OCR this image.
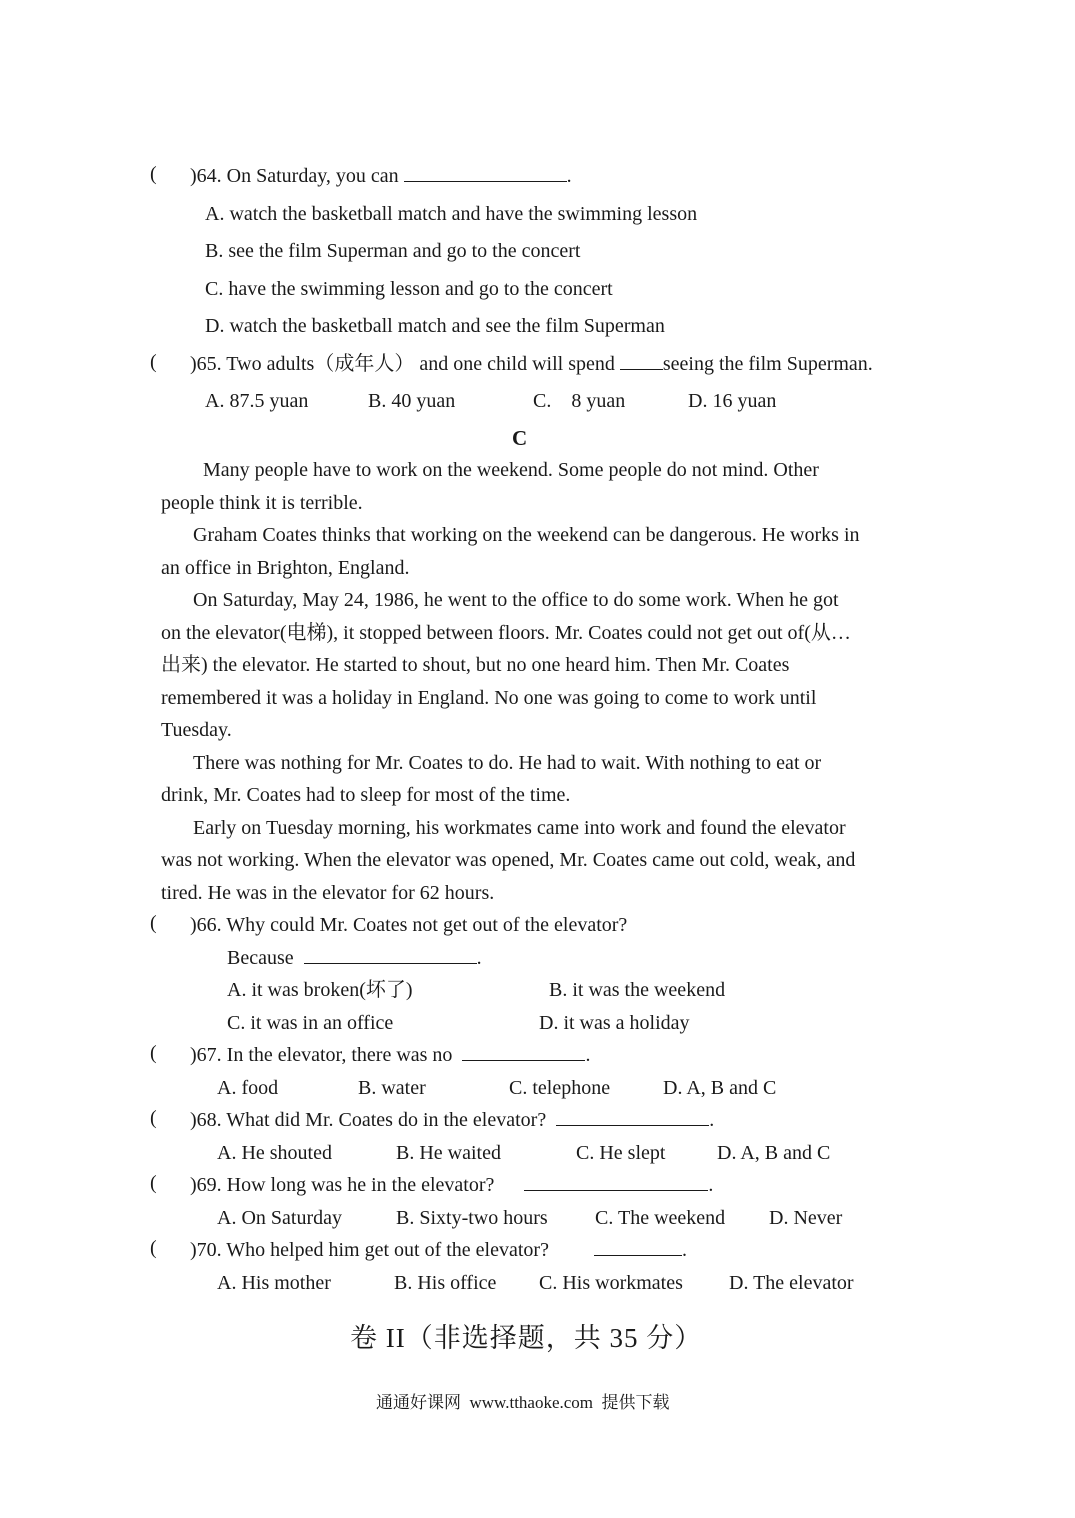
( )64. On Saturday, you can	.
A. watch the basketball match and have the swimming lesson
B. see the film Superman and go to the concert
C. have the swimming lesson and go to the concert
D. watch the basketball match and see the film Superman
( )65. Two adults（成年人） and one child will spend seeing the film Superman.
A. 87.5 yuan	B. 40 yuan	C.    8 yuan	D. 16 yuan
C
Many people have to work on the weekend. Some people do not mind. Other
people think it is terrible.
Graham Coates thinks that working on the weekend can be dangerous. He works in
an office in Brighton, England.
On Saturday, May 24, 1986, he went to the office to do some work. When he got
on the elevator(电梯), it stopped between floors. Mr. Coates could not get out of(从…
出来) the elevator. He started to shout, but no one heard him. Then Mr. Coates
remembered it was a holiday in England. No one was going to come to work until
Tuesday.
There was nothing for Mr. Coates to do. He had to wait. With nothing to eat or
drink, Mr. Coates had to sleep for most of the time.
Early on Tuesday morning, his workmates came into work and found the elevator
was not working. When the elevator was opened, Mr. Coates came out cold, weak, and
tired. He was in the elevator for 62 hours.
( )66. Why could Mr. Coates not get out of the elevator?
Because	.
A. it was broken(坏了)	B. it was the weekend
C. it was in an office	D. it was a holiday
( )67. In the elevator, there was no	.
A. food	B. water	C. telephone	D. A, B and C
( )68. What did Mr. Coates do in the elevator?	.
A. He shouted	B. He waited	C. He slept	D. A, B and C
( )69. How long was he in the elevator?	.
A. On Saturday	B. Sixty-two hours C. The weekend D. Never
( )70. Who helped him get out of the elevator?	.
A. His mother	B. His office C. His workmates D. The elevator
卷 II（非选择题，共 35 分）
通通好课网  www.tthaoke.com  提供下载
